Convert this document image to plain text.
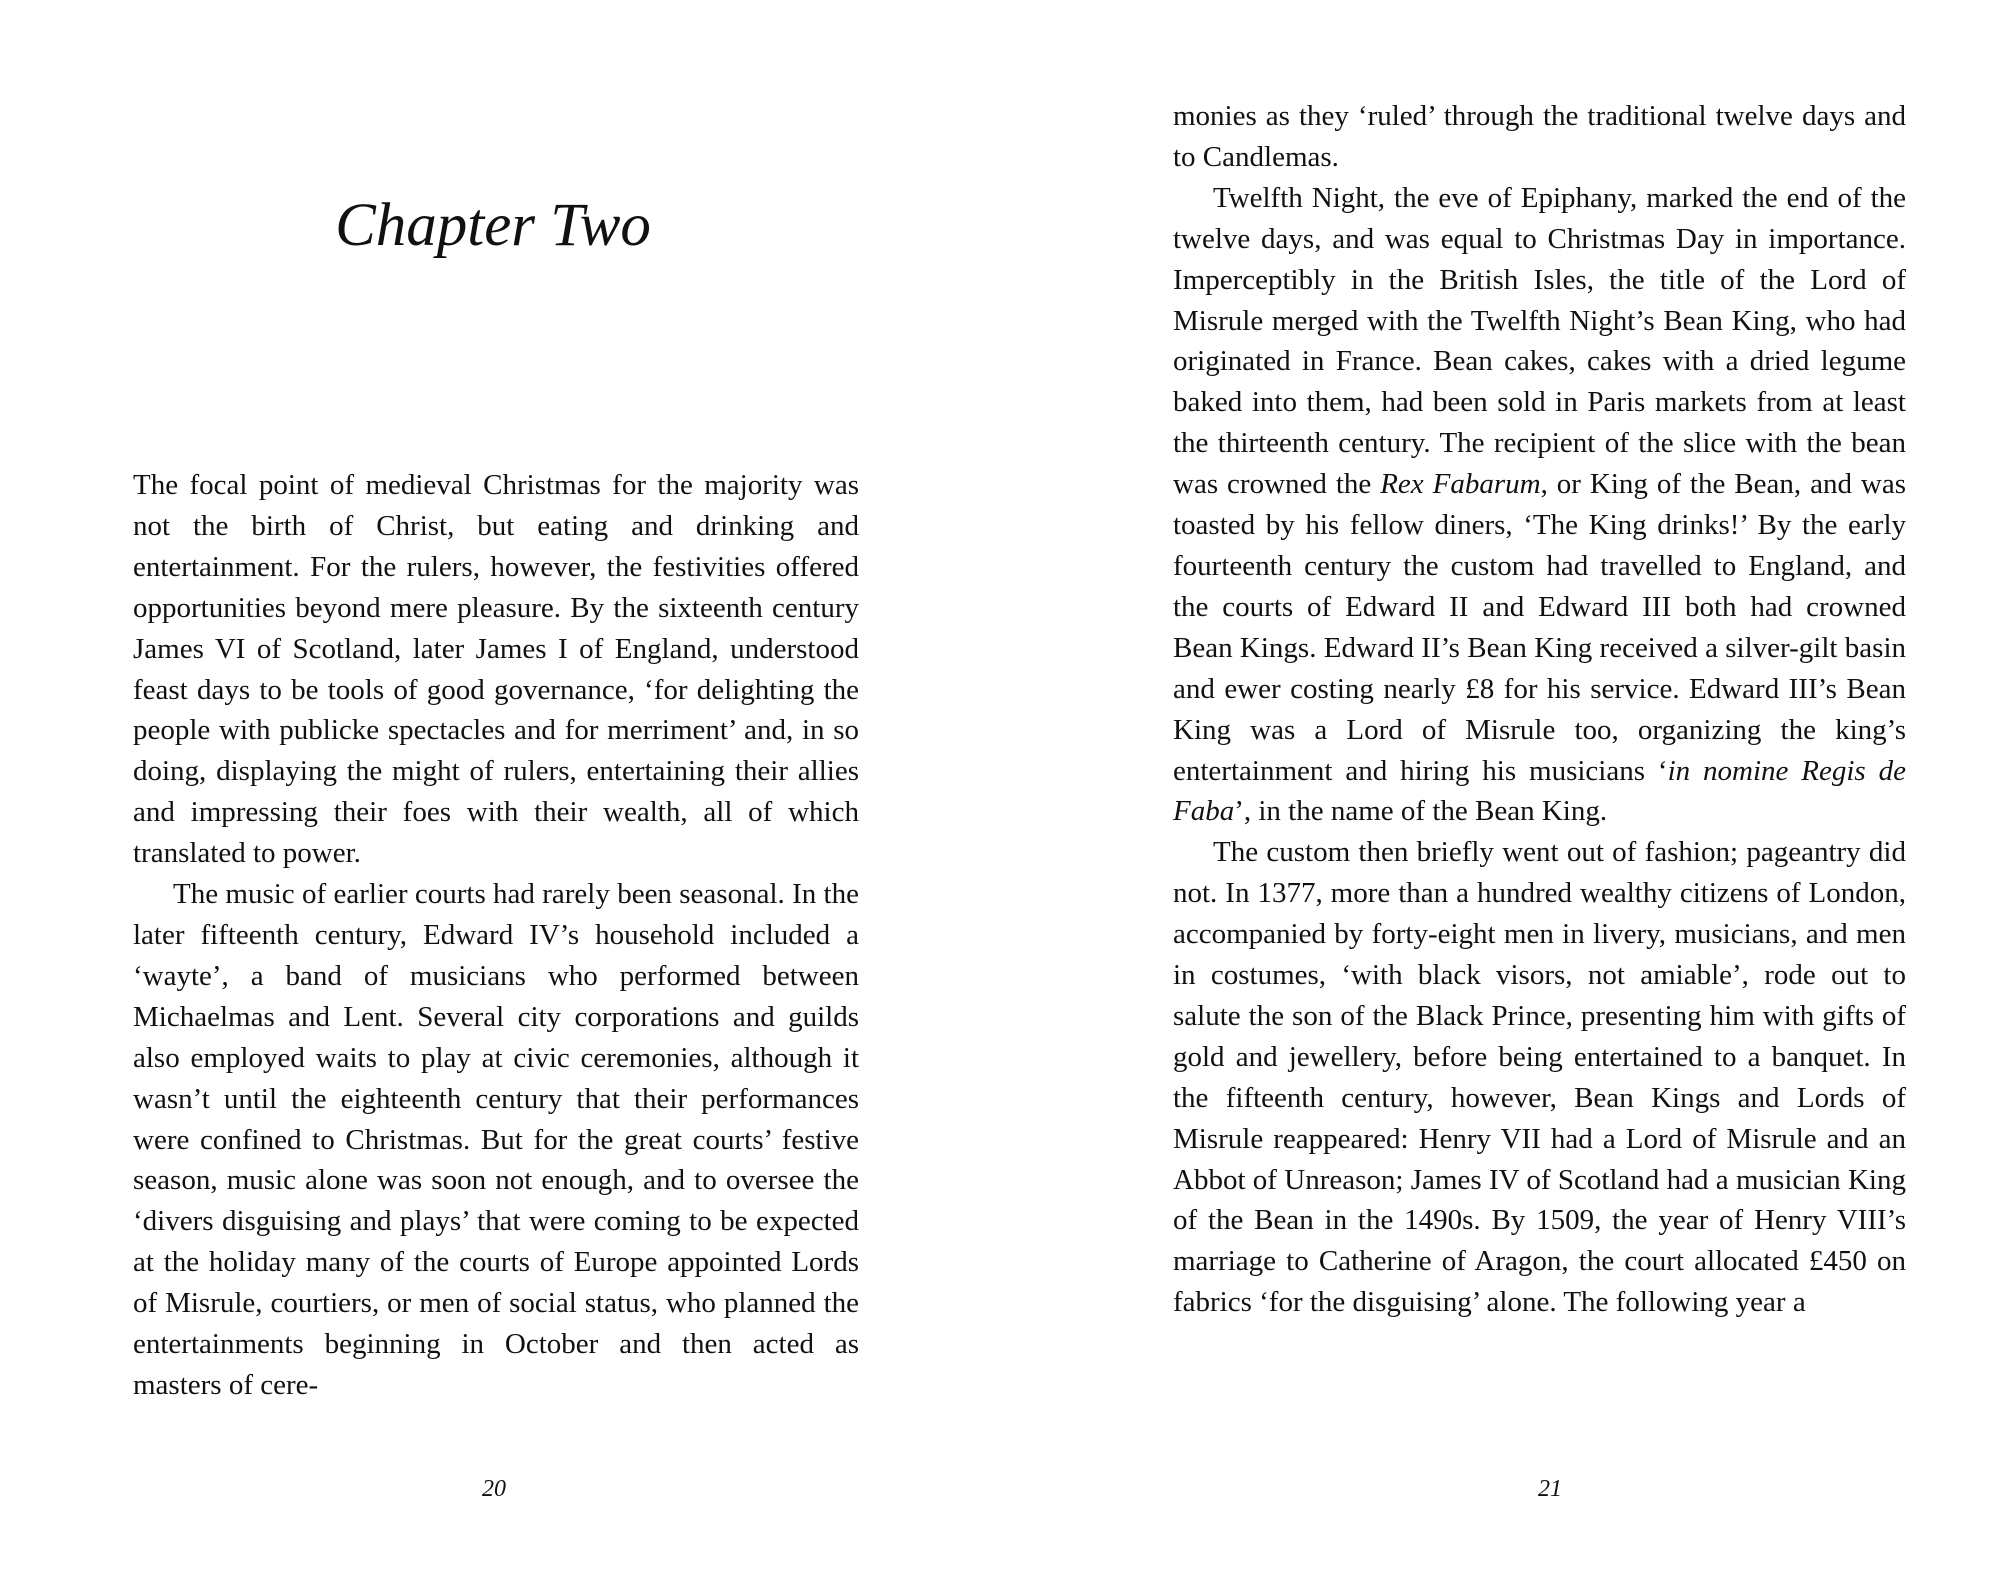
Chapter Two

The focal point of medieval Christmas for the majority was not the birth of Christ, but eating and drinking and entertainment. For the rulers, however, the festivities offered opportunities beyond mere pleasure. By the sixteenth century James VI of Scotland, later James I of England, understood feast days to be tools of good governance, ‘for delighting the people with publicke spectacles and for merriment’ and, in so doing, displaying the might of rulers, entertaining their allies and impressing their foes with their wealth, all of which translated to power.

The music of earlier courts had rarely been seasonal. In the later fifteenth century, Edward IV’s household included a ‘wayte’, a band of musicians who performed between Michaelmas and Lent. Several city corporations and guilds also employed waits to play at civic ceremonies, although it wasn’t until the eighteenth century that their performances were confined to Christmas. But for the great courts’ festive season, music alone was soon not enough, and to oversee the ‘divers disguising and plays’ that were coming to be expected at the holiday many of the courts of Europe appointed Lords of Misrule, courtiers, or men of social status, who planned the entertainments beginning in October and then acted as masters of cere-

20

monies as they ‘ruled’ through the traditional twelve days and to Candlemas.

Twelfth Night, the eve of Epiphany, marked the end of the twelve days, and was equal to Christmas Day in importance. Imperceptibly in the British Isles, the title of the Lord of Misrule merged with the Twelfth Night’s Bean King, who had originated in France. Bean cakes, cakes with a dried legume baked into them, had been sold in Paris markets from at least the thirteenth century. The recipient of the slice with the bean was crowned the Rex Fabarum, or King of the Bean, and was toasted by his fellow diners, ‘The King drinks!’ By the early fourteenth century the custom had travelled to England, and the courts of Edward II and Edward III both had crowned Bean Kings. Edward II’s Bean King received a silver-gilt basin and ewer costing nearly £8 for his service. Edward III’s Bean King was a Lord of Misrule too, organizing the king’s entertainment and hiring his musicians ‘in nomine Regis de Faba’, in the name of the Bean King.

The custom then briefly went out of fashion; pageantry did not. In 1377, more than a hundred wealthy citizens of London, accompanied by forty-eight men in livery, musicians, and men in costumes, ‘with black visors, not amiable’, rode out to salute the son of the Black Prince, presenting him with gifts of gold and jewellery, before being entertained to a banquet. In the fifteenth century, however, Bean Kings and Lords of Misrule reappeared: Henry VII had a Lord of Misrule and an Abbot of Unreason; James IV of Scotland had a musician King of the Bean in the 1490s. By 1509, the year of Henry VIII’s marriage to Catherine of Aragon, the court allocated £450 on fabrics ‘for the disguising’ alone. The following year a

21
